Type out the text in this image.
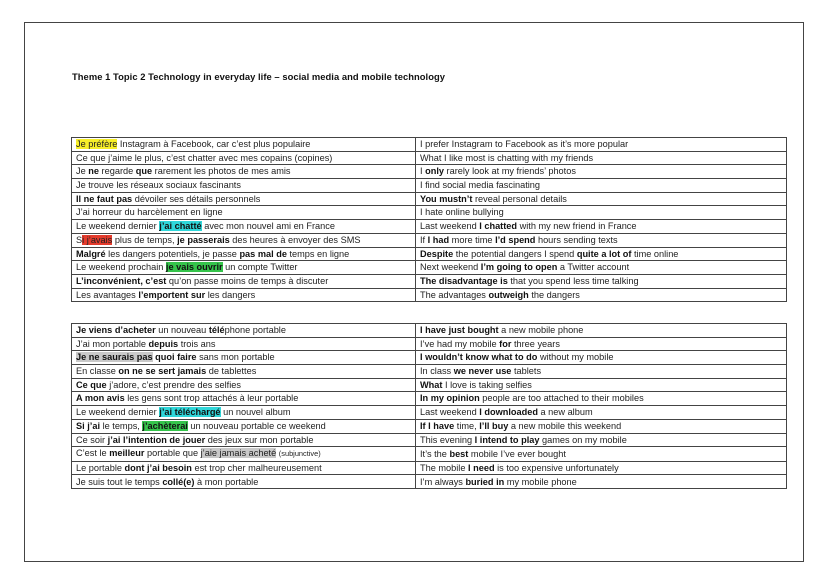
Theme 1 Topic 2 Technology in everyday life – social media and mobile technology
Je préfère Instagram à Facebook, car c’est plus populaire	I prefer Instagram to Facebook as it’s more popular
Ce que j’aime le plus, c’est chatter avec mes copains (copines)	What I like most is chatting with my friends
Je ne regarde que rarement les photos de mes amis	I only rarely look at my friends’ photos
Je trouve les réseaux sociaux fascinants	I find social media fascinating
Il ne faut pas dévoiler ses détails personnels	You mustn’t reveal personal details
J’ai horreur du harcèlement en ligne	I hate online bullying
Le weekend dernier j’ai chatté avec mon nouvel ami en France	Last weekend I chatted with my new friend in France
Si j’avais plus de temps, je passerais des heures à envoyer des SMS	If I had more time I’d spend hours sending texts
Malgré les dangers potentiels, je passe pas mal de temps en ligne	Despite the potential dangers I spend quite a lot of time online
Le weekend prochain je vais ouvrir un compte Twitter	Next weekend I’m going to open a Twitter account
L’inconvénient, c’est qu’on passe moins de temps à discuter	The disadvantage is that you spend less time talking
Les avantages l’emportent sur les dangers	The advantages outweigh the dangers
Je viens d’acheter un nouveau téléphone portable	I have just bought a new mobile phone
J’ai mon portable depuis trois ans	I’ve had my mobile for three years
Je ne saurais pas quoi faire sans mon portable	I wouldn’t know what to do without my mobile
En classe on ne se sert jamais de tablettes	In class we never use tablets
Ce que j’adore, c’est prendre des selfies	What I love is taking selfies
A mon avis les gens sont trop attachés à leur portable	In my opinion people are too attached to their mobiles
Le weekend dernier j’ai téléchargé un nouvel album	Last weekend I downloaded a new album
Si j’ai le temps, j’achèterai un nouveau portable ce weekend	If I have time, I’ll buy a new mobile this weekend
Ce soir j’ai l’intention de jouer des jeux sur mon portable	This evening I intend to play games on my mobile
C’est le meilleur portable que j’aie jamais acheté (subjunctive)	It’s the best mobile I’ve ever bought
Le portable dont j’ai besoin est trop cher malheureusement	The mobile I need is too expensive unfortunately
Je suis tout le temps collé(e) à mon portable	I’m always buried in my mobile phone
